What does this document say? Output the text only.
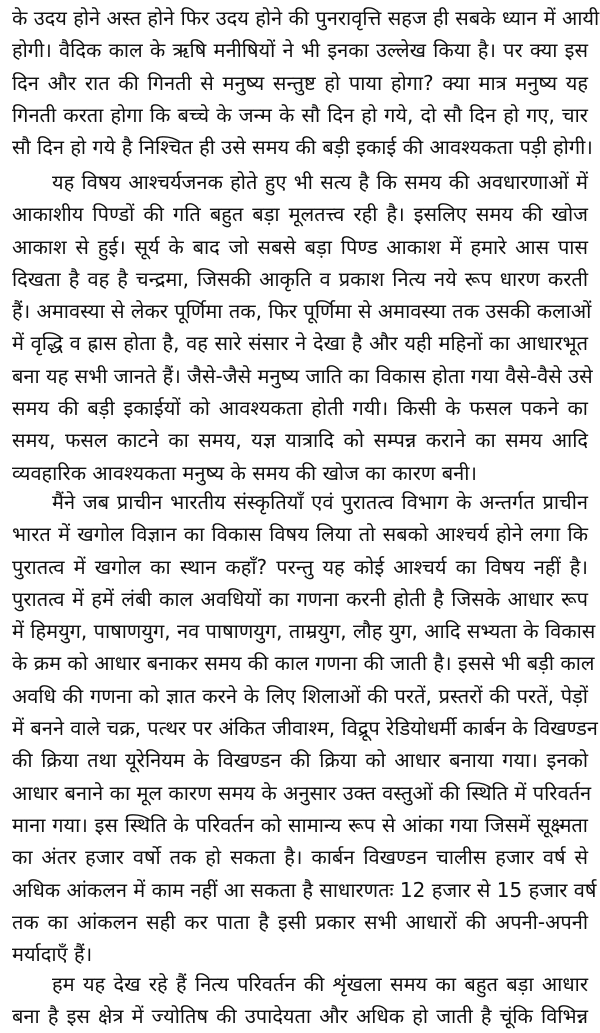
के उदय होने अस्त होने फिर उदय होने की पुनरावृत्ति सहज ही सबके ध्यान में आयी
होगी। वैदिक काल के ऋषि मनीषियों ने भी इनका उल्लेख किया है। पर क्या इस
दिन और रात की गिनती से मनुष्य सन्तुष्ट हो पाया होगा? क्या मात्र मनुष्य यह
गिनती करता होगा कि बच्चे के जन्म के सौ दिन हो गये, दो सौ दिन हो गए, चार
सौ दिन हो गये है निश्चित ही उसे समय की बड़ी इकाई की आवश्यकता पड़ी होगी।
यह विषय आश्चर्यजनक होते हुए भी सत्य है कि समय की अवधारणाओं में
आकाशीय पिण्डों की गति बहुत बड़ा मूलतत्त्व रही है। इसलिए समय की खोज
आकाश से हुई। सूर्य के बाद जो सबसे बड़ा पिण्ड आकाश में हमारे आस पास
दिखता है वह है चन्द्रमा, जिसकी आकृति व प्रकाश नित्य नये रूप धारण करती
हैं। अमावस्या से लेकर पूर्णिमा तक, फिर पूर्णिमा से अमावस्या तक उसकी कलाओं
में वृद्धि व ह्रास होता है, वह सारे संसार ने देखा है और यही महिनों का आधारभूत
बना यह सभी जानते हैं। जैसे-जैसे मनुष्य जाति का विकास होता गया वैसे-वैसे उसे
समय की बड़ी इकाईयों को आवश्यकता होती गयी। किसी के फसल पकने का
समय, फसल काटने का समय, यज्ञ यात्रादि को सम्पन्न कराने का समय आदि
व्यवहारिक आवश्यकता मनुष्य के समय की खोज का कारण बनी।
मैंने जब प्राचीन भारतीय संस्कृतियाँ एवं पुरातत्व विभाग के अन्तर्गत प्राचीन
भारत में खगोल विज्ञान का विकास विषय लिया तो सबको आश्चर्य होने लगा कि
पुरातत्व में खगोल का स्थान कहाँ? परन्तु यह कोई आश्चर्य का विषय नहीं है।
पुरातत्व में हमें लंबी काल अवधियों का गणना करनी होती है जिसके आधार रूप
में हिमयुग, पाषाणयुग, नव पाषाणयुग, ताम्रयुग, लौह युग, आदि सभ्यता के विकास
के क्रम को आधार बनाकर समय की काल गणना की जाती है। इससे भी बड़ी काल
अवधि की गणना को ज्ञात करने के लिए शिलाओं की परतें, प्रस्तरों की परतें, पेड़ों
में बनने वाले चक्र, पत्थर पर अंकित जीवाश्म, विद्रूप रेडियोधर्मी कार्बन के विखण्डन
की क्रिया तथा यूरेनियम के विखण्डन की क्रिया को आधार बनाया गया। इनको
आधार बनाने का मूल कारण समय के अनुसार उक्त वस्तुओं की स्थिति में परिवर्तन
माना गया। इस स्थिति के परिवर्तन को सामान्य रूप से आंका गया जिसमें सूक्ष्मता
का अंतर हजार वर्षो तक हो सकता है। कार्बन विखण्डन चालीस हजार वर्ष से
अधिक आंकलन में काम नहीं आ सकता है साधारणतः 12 हजार से 15 हजार वर्ष
तक का आंकलन सही कर पाता है इसी प्रकार सभी आधारों की अपनी-अपनी
मर्यादाएँ हैं।
हम यह देख रहे हैं नित्य परिवर्तन की शृंखला समय का बहुत बड़ा आधार
बना है इस क्षेत्र में ज्योतिष की उपादेयता और अधिक हो जाती है चूंकि विभिन्न
